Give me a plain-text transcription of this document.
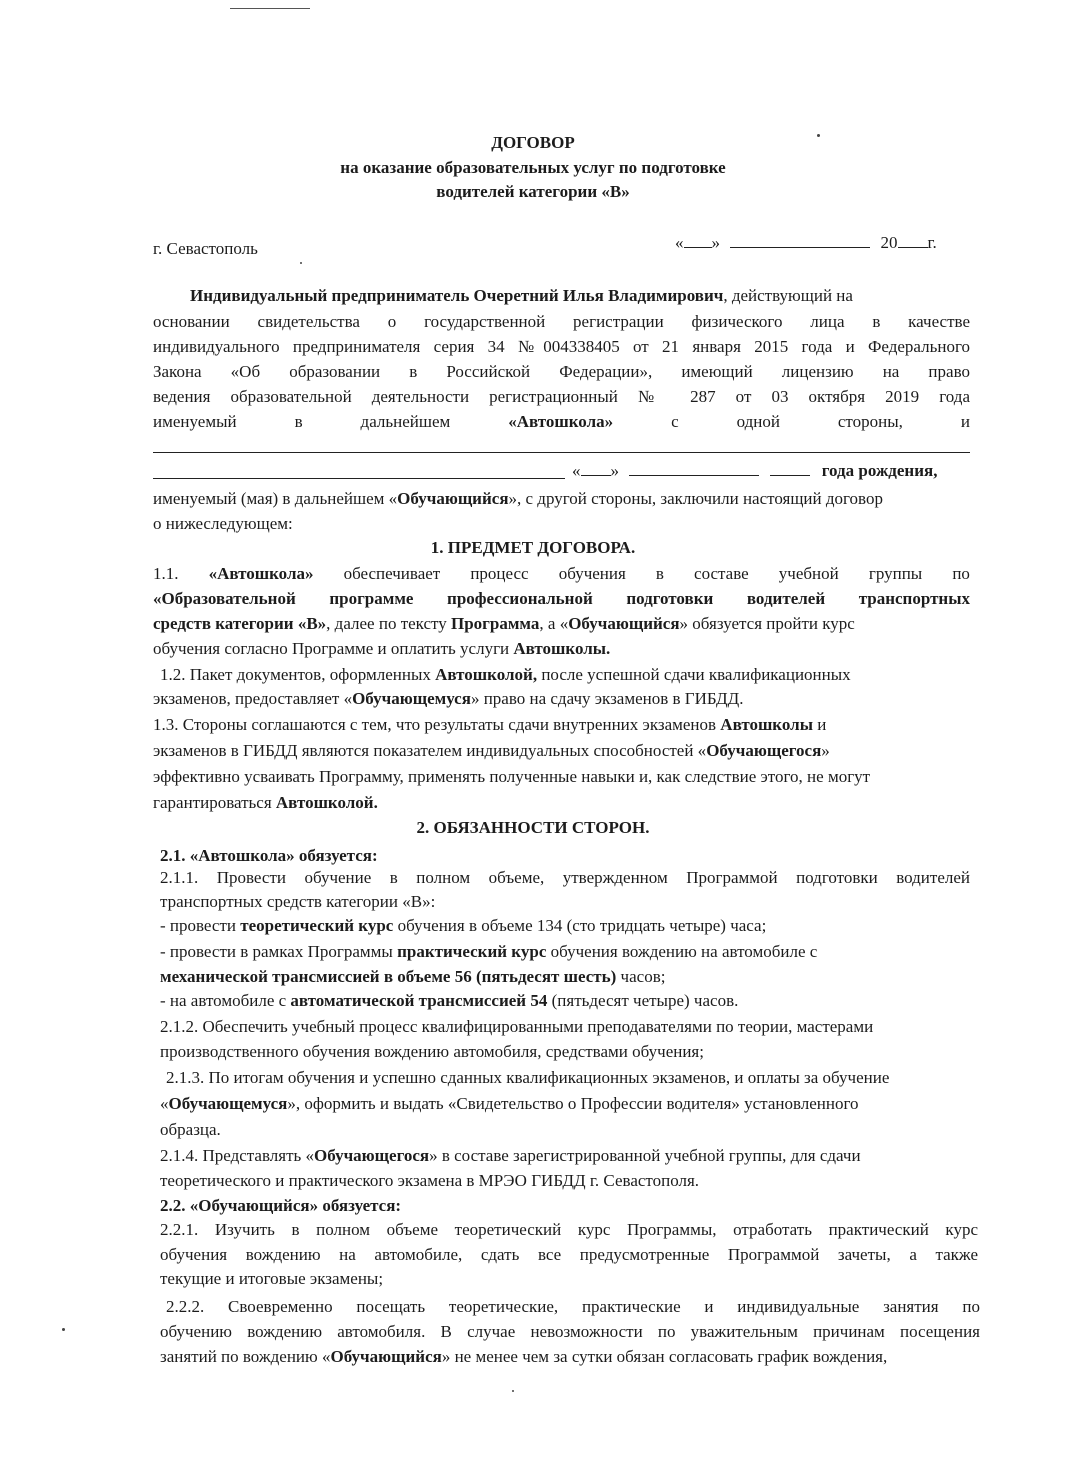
ДОГОВОР
на оказание образовательных услуг по подготовке
водителей категории «В»
г. Севастополь	« »	20 г.
Индивидуальный предприниматель Очеретний Илья Владимирович, действующий на
основании свидетельства о государственной регистрации физического лица в качестве
индивидуального предпринимателя серия 34 №004338405 от 21 января 2015 года и Федерального
Закона «Об образовании в Российской Федерации», имеющий лицензию на право
ведения образовательной деятельности регистрационный № 287 от 03 октября 2019 года
именуемый	в	дальнейшем	«Автошкола»	с	одной	стороны,	и
« »	года рождения,
именуемый (мая) в дальнейшем «Обучающийся», с другой стороны, заключили настоящий договор
о нижеследующем:
1. ПРЕДМЕТ ДОГОВОРА.
1.1. «Автошкола» обеспечивает процесс обучения в составе учебной группы по
«Образовательной программе профессиональной подготовки водителей транспортных
средств категории «В», далее по тексту Программа, а «Обучающийся» обязуется пройти курс
обучения согласно Программе и оплатить услуги Автошколы.
1.2. Пакет документов, оформленных Автошколой, после успешной сдачи квалификационных
экзаменов, предоставляет «Обучающемуся» право на сдачу экзаменов в ГИБДД.
1.3. Стороны соглашаются с тем, что результаты сдачи внутренних экзаменов Автошколы и
экзаменов в ГИБДД являются показателем индивидуальных способностей «Обучающегося»
эффективно усваивать Программу, применять полученные навыки и, как следствие этого, не могут
гарантироваться Автошколой.
2. ОБЯЗАННОСТИ СТОРОН.
2.1. «Автошкола» обязуется:
2.1.1. Провести обучение в полном объеме, утвержденном Программой подготовки водителей
транспортных средств категории «В»:
- провести теоретический курс обучения в объеме 134 (сто тридцать четыре) часа;
- провести в рамках Программы практический курс обучения вождению на автомобиле с
механической трансмиссией в объеме 56 (пятьдесят шесть) часов;
- на автомобиле с автоматической трансмиссией 54 (пятьдесят четыре) часов.
2.1.2. Обеспечить учебный процесс квалифицированными преподавателями по теории, мастерами
производственного обучения вождению автомобиля, средствами обучения;
2.1.3. По итогам обучения и успешно сданных квалификационных экзаменов, и оплаты за обучение
«Обучающемуся», оформить и выдать «Свидетельство о Профессии водителя» установленного
образца.
2.1.4. Представлять «Обучающегося» в составе зарегистрированной учебной группы, для сдачи
теоретического и практического экзамена в МРЭО ГИБДД г. Севастополя.
2.2. «Обучающийся» обязуется:
2.2.1. Изучить в полном объеме теоретический курс Программы, отработать практический курс
обучения вождению на автомобиле, сдать все предусмотренные Программой зачеты, а также
текущие и итоговые экзамены;
2.2.2. Своевременно посещать теоретические, практические и индивидуальные занятия по
обучению вождению автомобиля. В случае невозможности по уважительным причинам посещения
занятий по вождению «Обучающийся» не менее чем за сутки обязан согласовать график вождения,
